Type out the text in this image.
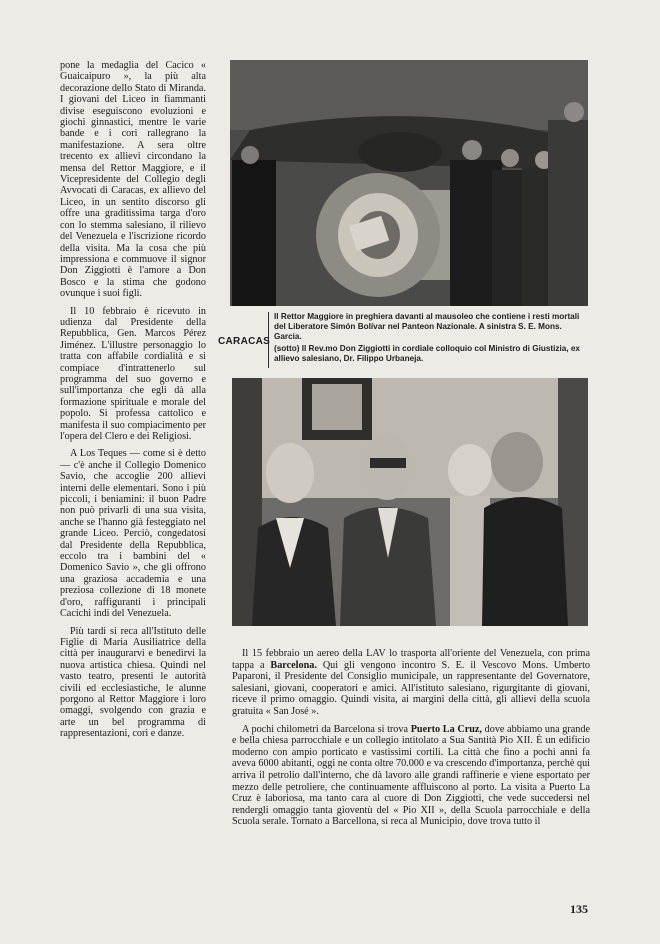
pone la medaglia del Cacico « Guaicaipuro », la più alta decorazione dello Stato di Miranda. I giovani del Liceo in fiammanti divise eseguiscono evoluzioni e giochi ginnastici, mentre le varie bande e i cori rallegrano la manifestazione. A sera oltre trecento ex allievi circondano la mensa del Rettor Maggiore, e il Vicepresidente del Collegio degli Avvocati di Caracas, ex allievo del Liceo, in un sentito discorso gli offre una graditissima targa d'oro con lo stemma salesiano, il rilievo del Venezuela e l'iscrizione ricordo della visita. Ma la cosa che più impressiona e commuove il signor Don Ziggiotti è l'amore a Don Bosco e la stima che godono ovunque i suoi figli.

Il 10 febbraio è ricevuto in udienza dal Presidente della Repubblica, Gen. Marcos Pérez Jiménez. L'illustre personaggio lo tratta con affabile cordialità e si compiace d'intrattenerlo sul programma del suo governo e sull'importanza che egli dà alla formazione spirituale e morale del popolo. Si professa cattolico e manifesta il suo compiacimento per l'opera del Clero e dei Religiosi.

A Los Teques — come si è detto — c'è anche il Collegio Domenico Savio, che accoglie 200 allievi interni delle elementari. Sono i più piccoli, i beniamini: il buon Padre non può privarli di una sua visita, anche se l'hanno già festeggiato nel grande Liceo. Perciò, congedatosi dal Presidente della Repubblica, eccolo tra i bambini del « Domenico Savio », che gli offrono una graziosa accademia e una preziosa collezione di 18 monete d'oro, raffiguranti i principali Cacichi indi del Venezuela.

Più tardi si reca all'Istituto delle Figlie di Maria Ausiliatrice della città per inaugurarvi e benedirvi la nuova artistica chiesa. Quindi nel vasto teatro, presenti le autorità civili ed ecclesiastiche, le alunne porgono al Rettor Maggiore i loro omaggi, svolgendo con grazia e arte un bel programma di rappresentazioni, cori e danze.

CARACAS

Il Rettor Maggiore in preghiera davanti al mausoleo che contiene i resti mortali del Liberatore Simón Bolívar nel Panteon Nazionale. A sinistra S. E. Mons. Garcia.

(sotto) Il Rev.mo Don Ziggiotti in cordiale colloquio col Ministro di Giustizia, ex allievo salesiano, Dr. Filippo Urbaneja.

Il 15 febbraio un aereo della LAV lo trasporta all'oriente del Venezuela, con prima tappa a Barcelona. Qui gli vengono incontro S. E. il Vescovo Mons. Umberto Paparoni, il Presidente del Consiglio municipale, un rappresentante del Governatore, salesiani, giovani, cooperatori e amici. All'istituto salesiano, rigurgitante di giovani, riceve il primo omaggio. Quindi visita, ai margini della città, gli allievi della scuola gratuita « San José ».

A pochi chilometri da Barcelona si trova Puerto La Cruz, dove abbiamo una grande e bella chiesa parrocchiale e un collegio intitolato a Sua Santità Pio XII. È un edificio moderno con ampio porticato e vastissimi cortili. La città che fino a pochi anni fa aveva 6000 abitanti, oggi ne conta oltre 70.000 e va crescendo d'importanza, perchè qui arriva il petrolio dall'interno, che dà lavoro alle grandi raffinerie e viene esportato per mezzo delle petroliere, che continuamente affluiscono al porto. La visita a Puerto La Cruz è laboriosa, ma tanto cara al cuore di Don Ziggiotti, che vede succedersi nel rendergli omaggio tanta gioventù del « Pio XII », della Scuola parrocchiale e della Scuola serale. Tornato a Barcellona, si reca al Municipio, dove trova tutto il

135
